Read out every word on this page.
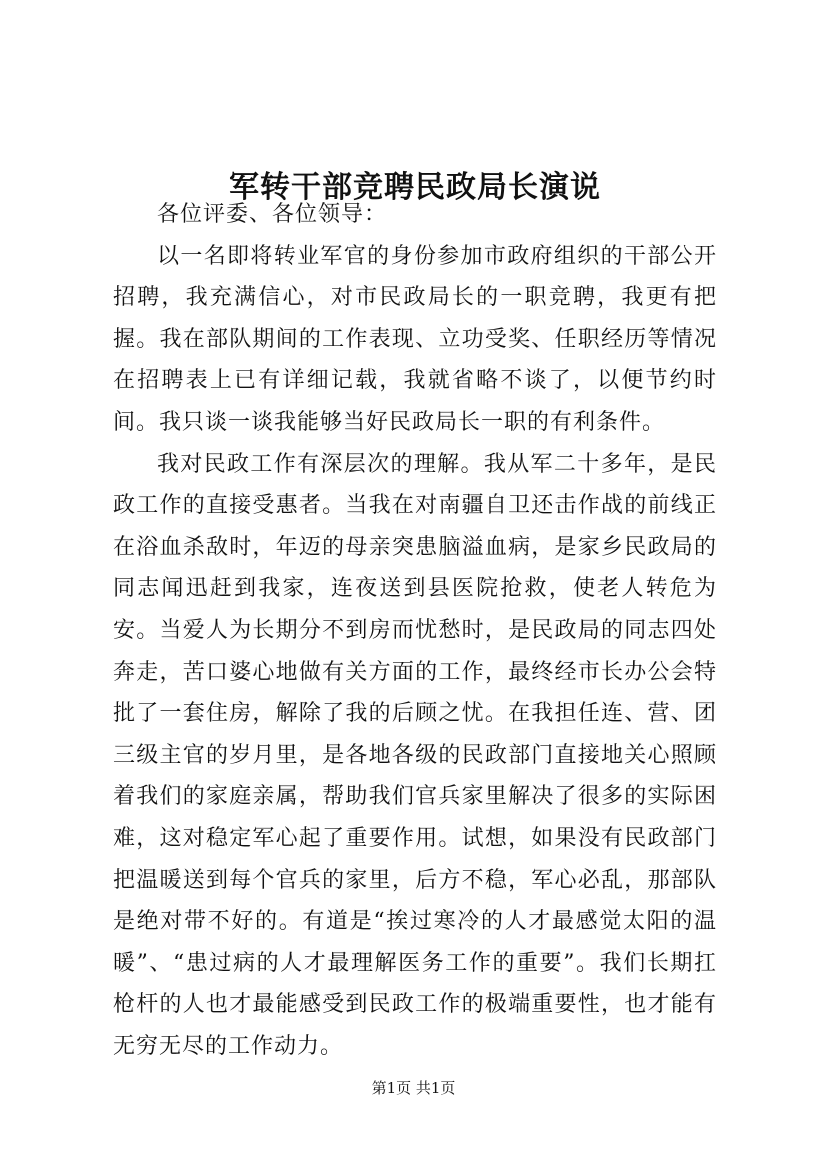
军转干部竞聘民政局长演说

各位评委、各位领导：

以一名即将转业军官的身份参加市政府组织的干部公开招聘，我充满信心，对市民政局长的一职竞聘，我更有把握。我在部队期间的工作表现、立功受奖、任职经历等情况在招聘表上已有详细记载，我就省略不谈了，以便节约时间。我只谈一谈我能够当好民政局长一职的有利条件。

我对民政工作有深层次的理解。我从军二十多年，是民政工作的直接受惠者。当我在对南疆自卫还击作战的前线正在浴血杀敌时，年迈的母亲突患脑溢血病，是家乡民政局的同志闻迅赶到我家，连夜送到县医院抢救，使老人转危为安。当爱人为长期分不到房而忧愁时，是民政局的同志四处奔走，苦口婆心地做有关方面的工作，最终经市长办公会特批了一套住房，解除了我的后顾之忧。在我担任连、营、团三级主官的岁月里，是各地各级的民政部门直接地关心照顾着我们的家庭亲属，帮助我们官兵家里解决了很多的实际困难，这对稳定军心起了重要作用。试想，如果没有民政部门把温暖送到每个官兵的家里，后方不稳，军心必乱，那部队是绝对带不好的。有道是“挨过寒冷的人才最感觉太阳的温暖”、“患过病的人才最理解医务工作的重要”。我们长期扛枪杆的人也才最能感受到民政工作的极端重要性，也才能有无穷无尽的工作动力。

第1页 共1页
